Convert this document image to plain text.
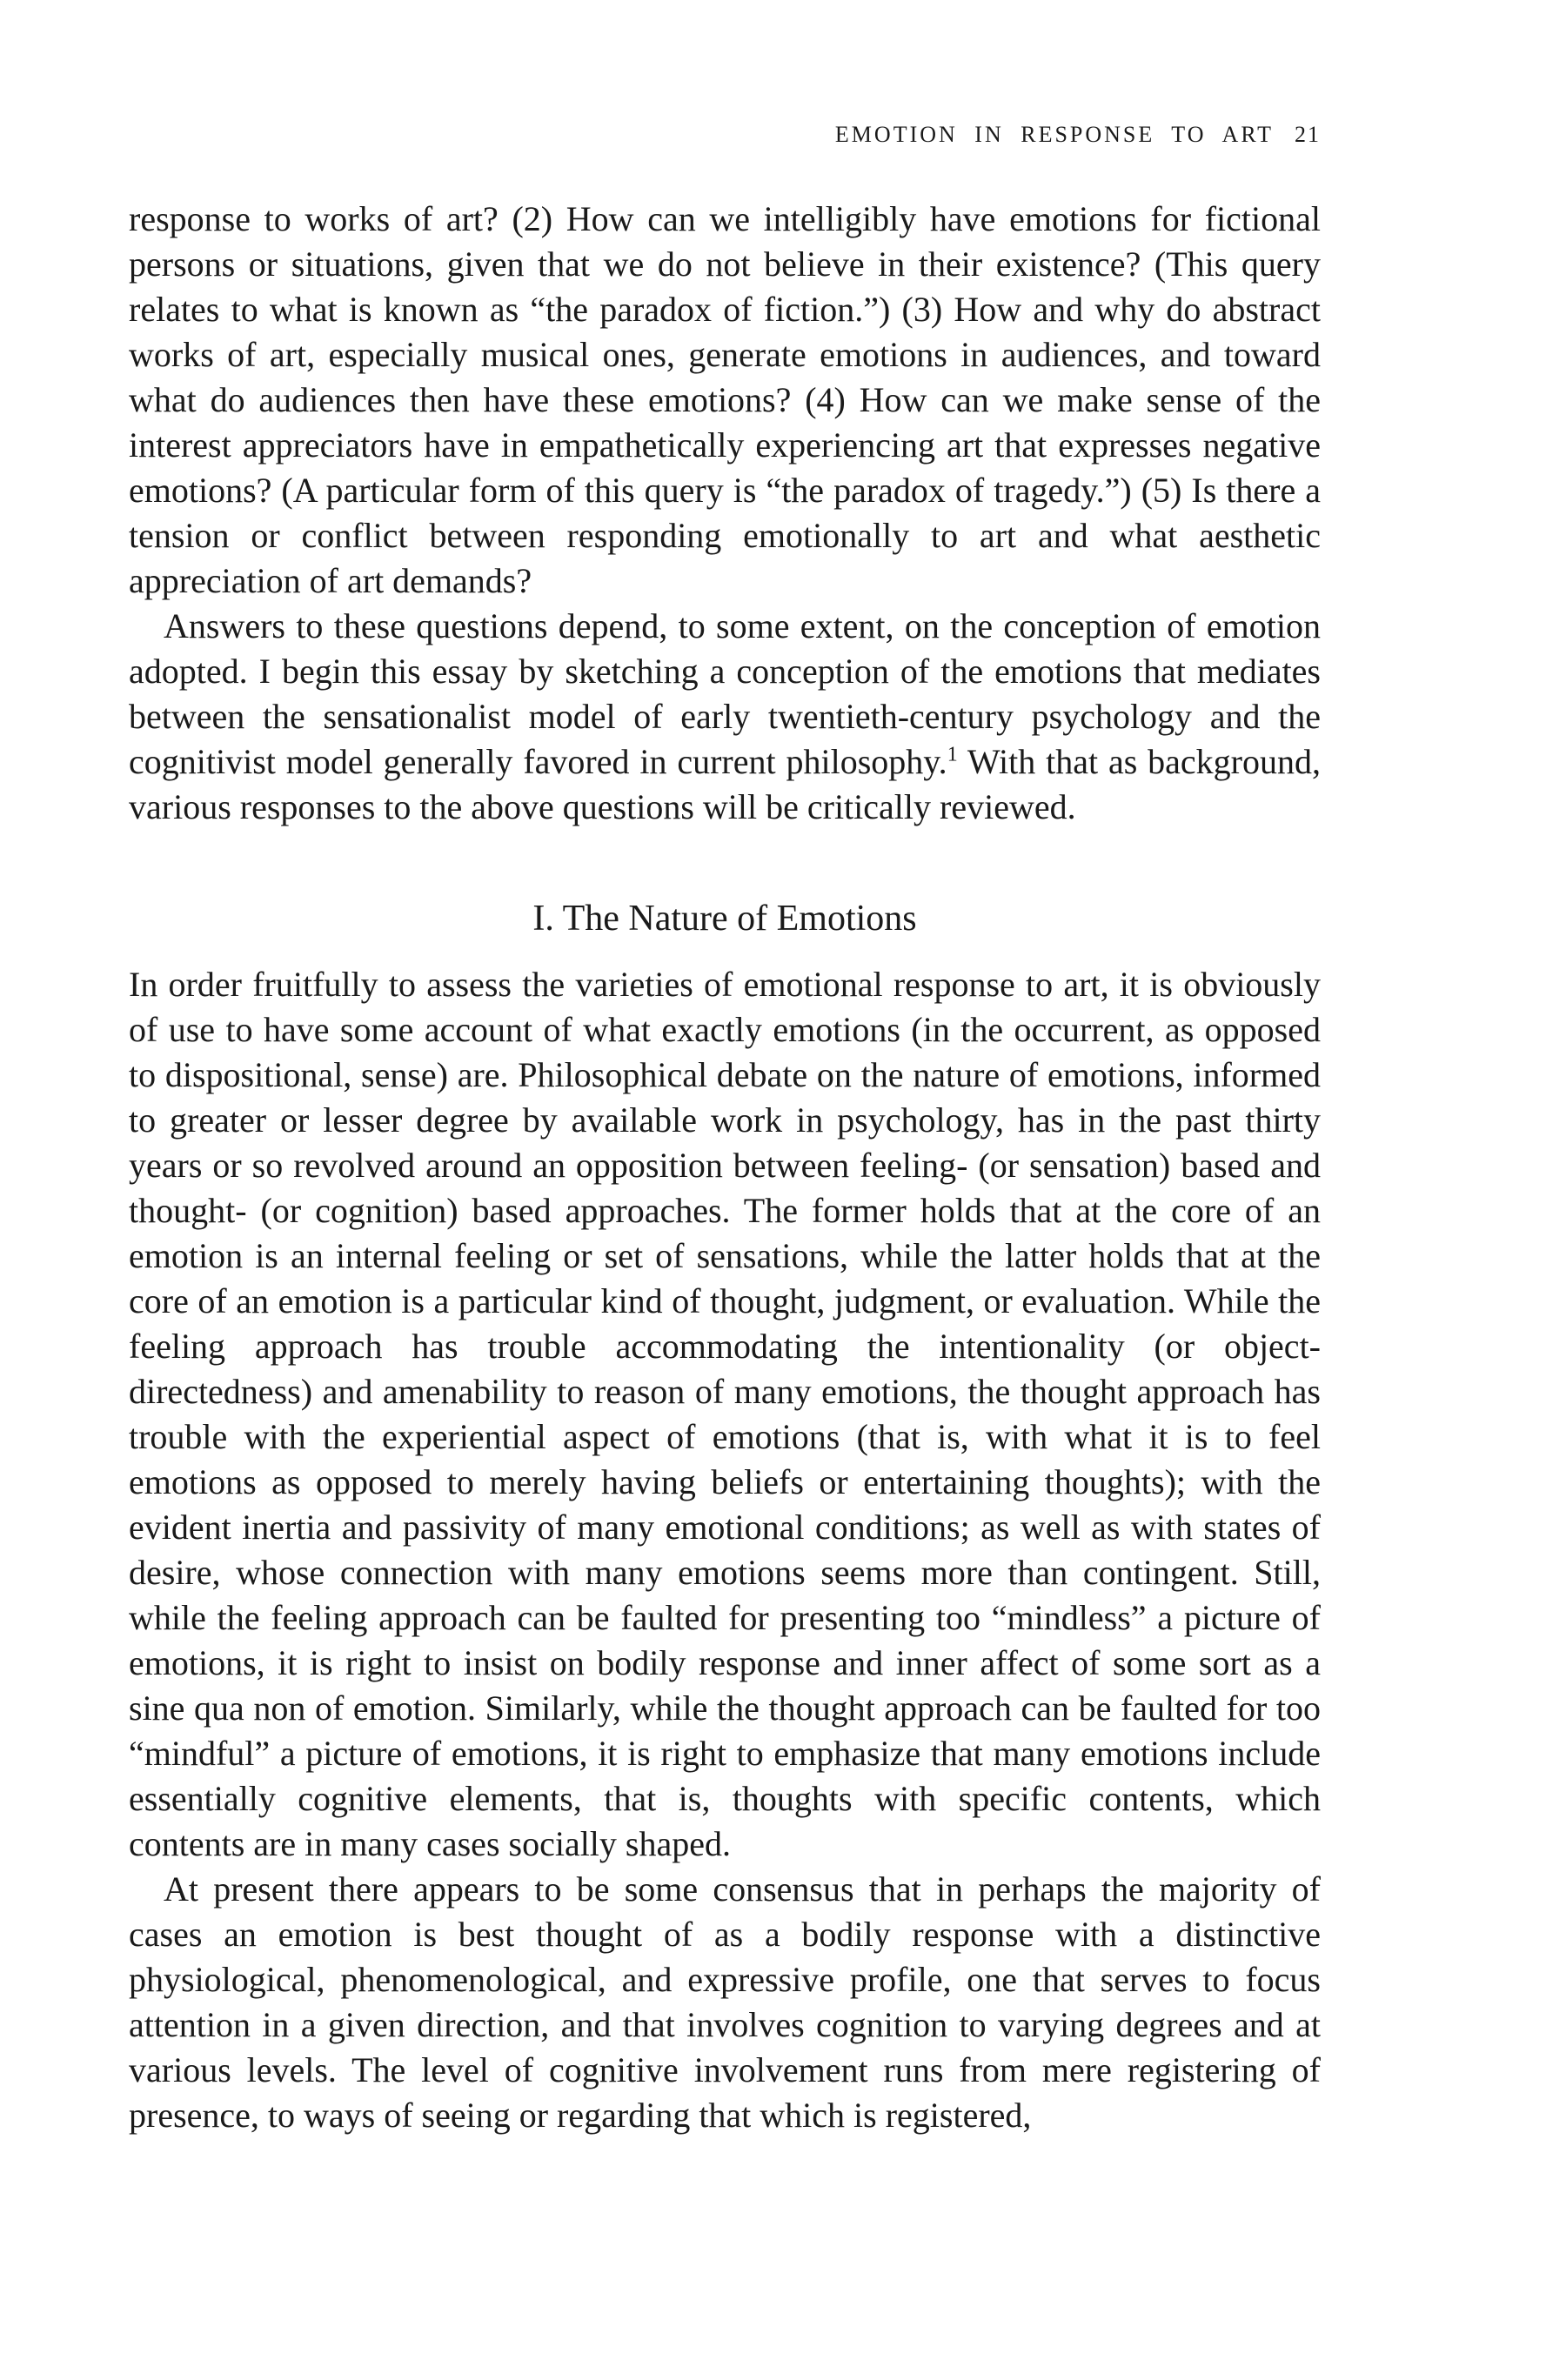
EMOTION IN RESPONSE TO ART 21

response to works of art? (2) How can we intelligibly have emotions for fictional persons or situations, given that we do not believe in their existence? (This query relates to what is known as “the paradox of fiction.”) (3) How and why do abstract works of art, especially musical ones, generate emotions in audiences, and toward what do audiences then have these emotions? (4) How can we make sense of the interest appreciators have in empathetically experiencing art that expresses negative emotions? (A particular form of this query is “the paradox of tragedy.”) (5) Is there a tension or conflict between responding emotionally to art and what aesthetic appreciation of art demands?

Answers to these questions depend, to some extent, on the conception of emotion adopted. I begin this essay by sketching a conception of the emotions that mediates between the sensationalist model of early twentieth-century psychology and the cognitivist model generally favored in current philosophy.$^1$ With that as background, various responses to the above questions will be critically reviewed.

I. The Nature of Emotions

In order fruitfully to assess the varieties of emotional response to art, it is obviously of use to have some account of what exactly emotions (in the occurrent, as opposed to dispositional, sense) are. Philosophical debate on the nature of emotions, informed to greater or lesser degree by available work in psychology, has in the past thirty years or so revolved around an opposition between feeling- (or sensation) based and thought- (or cognition) based approaches. The former holds that at the core of an emotion is an internal feeling or set of sensations, while the latter holds that at the core of an emotion is a particular kind of thought, judgment, or evaluation. While the feeling approach has trouble accommodating the intentionality (or object-directedness) and amenability to reason of many emotions, the thought approach has trouble with the experiential aspect of emotions (that is, with what it is to feel emotions as opposed to merely having beliefs or entertaining thoughts); with the evident inertia and passivity of many emotional conditions; as well as with states of desire, whose connection with many emotions seems more than contingent. Still, while the feeling approach can be faulted for presenting too “mindless” a picture of emotions, it is right to insist on bodily response and inner affect of some sort as a sine qua non of emotion. Similarly, while the thought approach can be faulted for too “mindful” a picture of emotions, it is right to emphasize that many emotions include essentially cognitive elements, that is, thoughts with specific contents, which contents are in many cases socially shaped.

At present there appears to be some consensus that in perhaps the majority of cases an emotion is best thought of as a bodily response with a distinctive physiological, phenomenological, and expressive profile, one that serves to focus attention in a given direction, and that involves cognition to varying degrees and at various levels. The level of cognitive involvement runs from mere registering of presence, to ways of seeing or regarding that which is registered,
